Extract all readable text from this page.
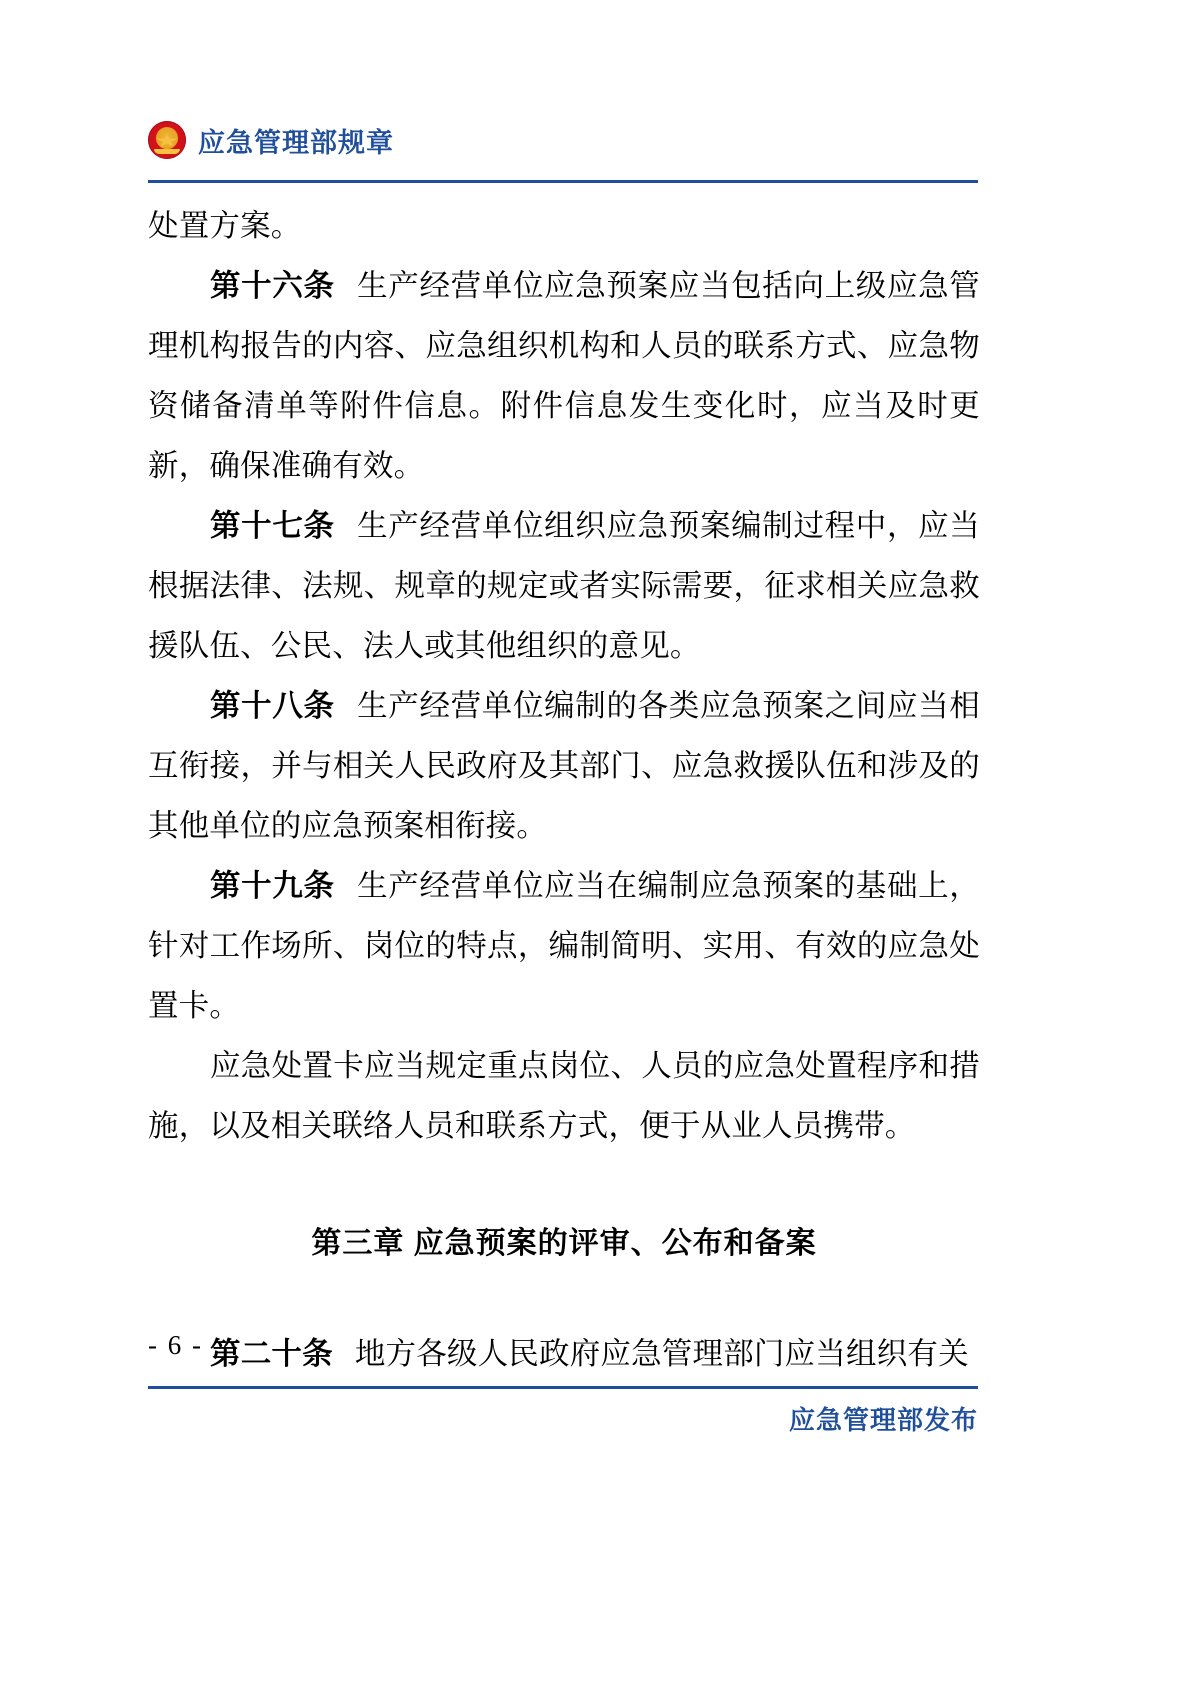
应急管理部规章

处置方案。

第十六条 生产经营单位应急预案应当包括向上级应急管理机构报告的内容、应急组织机构和人员的联系方式、应急物资储备清单等附件信息。附件信息发生变化时，应当及时更新，确保准确有效。

第十七条 生产经营单位组织应急预案编制过程中，应当根据法律、法规、规章的规定或者实际需要，征求相关应急救援队伍、公民、法人或其他组织的意见。

第十八条 生产经营单位编制的各类应急预案之间应当相互衔接，并与相关人民政府及其部门、应急救援队伍和涉及的其他单位的应急预案相衔接。

第十九条 生产经营单位应当在编制应急预案的基础上，针对工作场所、岗位的特点，编制简明、实用、有效的应急处置卡。

应急处置卡应当规定重点岗位、人员的应急处置程序和措施，以及相关联络人员和联系方式，便于从业人员携带。

第三章 应急预案的评审、公布和备案

第二十条 地方各级人民政府应急管理部门应当组织有关

- 6 -
应急管理部发布
